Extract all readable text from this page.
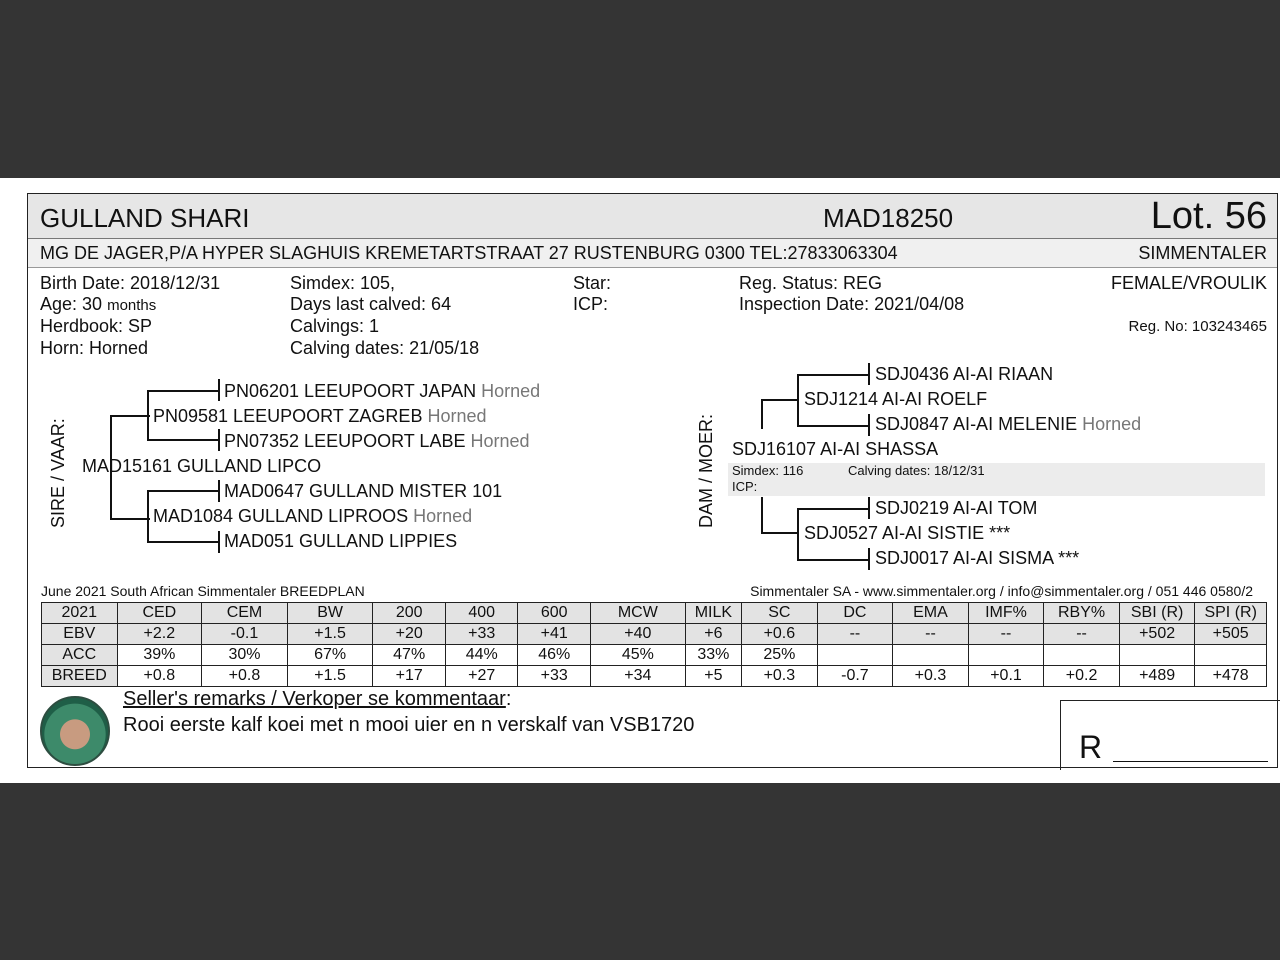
GULLAND SHARI	MAD18250	Lot. 56
MG DE JAGER,P/A HYPER SLAGHUIS KREMETARTSTRAAT 27 RUSTENBURG 0300 TEL:27833063304	SIMMENTALER
Birth Date: 2018/12/31
Age: 30 months
Herdbook: SP
Horn: Horned
Simdex: 105,
Days last calved: 64
Calvings: 1
Calving dates: 21/05/18
Star:
ICP:
Reg. Status: REG
Inspection Date: 2021/04/08
FEMALE/VROULIK
Reg. No: 103243465
SIRE / VAAR:
PN06201 LEEUPOORT JAPAN Horned
PN09581 LEEUPOORT ZAGREB Horned
PN07352 LEEUPOORT LABE Horned
MAD15161 GULLAND LIPCO
MAD0647 GULLAND MISTER 101
MAD1084 GULLAND LIPROOS Horned
MAD051 GULLAND LIPPIES
DAM / MOER:
SDJ0436 AI-AI RIAAN
SDJ1214 AI-AI ROELF
SDJ0847 AI-AI MELENIE Horned
SDJ16107 AI-AI SHASSA
Simdex: 116	Calving dates: 18/12/31
ICP:
SDJ0219 AI-AI TOM
SDJ0527 AI-AI SISTIE ***
SDJ0017 AI-AI SISMA ***
June 2021 South African Simmentaler BREEDPLAN	Simmentaler SA - www.simmentaler.org / info@simmentaler.org / 051 446 0580/2
2021	CED	CEM	BW	200	400	600	MCW	MILK	SC	DC	EMA	IMF%	RBY%	SBI (R)	SPI (R)
EBV	+2.2	-0.1	+1.5	+20	+33	+41	+40	+6	+0.6	--	--	--	--	+502	+505
ACC	39%	30%	67%	47%	44%	46%	45%	33%	25%						
BREED	+0.8	+0.8	+1.5	+17	+27	+33	+34	+5	+0.3	-0.7	+0.3	+0.1	+0.2	+489	+478
Seller's remarks / Verkoper se kommentaar:
Rooi eerste kalf koei met n mooi uier en n verskalf van VSB1720
R
